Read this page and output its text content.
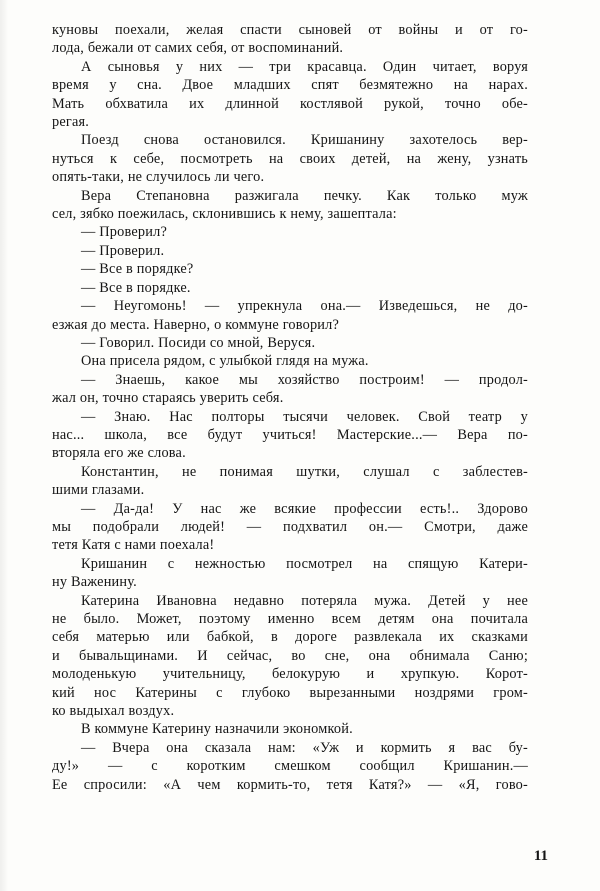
куновы поехали, желая спасти сыновей от войны и от го-
лода, бежали от самих себя, от воспоминаний.
А сыновья у них — три красавца. Один читает, воруя
время у сна. Двое младших спят безмятежно на нарах.
Мать обхватила их длинной костлявой рукой, точно обе-
регая.
Поезд снова остановился. Кришанину захотелось вер-
нуться к себе, посмотреть на своих детей, на жену, узнать
опять-таки, не случилось ли чего.
Вера Степановна разжигала печку. Как только муж
сел, зябко поежилась, склонившись к нему, зашептала:
— Проверил?
— Проверил.
— Все в порядке?
— Все в порядке.
— Неугомонь! — упрекнула она.— Изведешься, не до-
езжая до места. Наверно, о коммуне говорил?
— Говорил. Посиди со мной, Веруся.
Она присела рядом, с улыбкой глядя на мужа.
— Знаешь, какое мы хозяйство построим! — продол-
жал он, точно стараясь уверить себя.
— Знаю. Нас полторы тысячи человек. Свой театр у
нас... школа, все будут учиться! Мастерские...— Вера по-
вторяла его же слова.
Константин, не понимая шутки, слушал с заблестев-
шими глазами.
— Да-да! У нас же всякие профессии есть!.. Здорово
мы подобрали людей! — подхватил он.— Смотри, даже
тетя Катя с нами поехала!
Кришанин с нежностью посмотрел на спящую Катери-
ну Важенину.
Катерина Ивановна недавно потеряла мужа. Детей у нее
не было. Может, поэтому именно всем детям она почитала
себя матерью или бабкой, в дороге развлекала их сказками
и бывальщинами. И сейчас, во сне, она обнимала Саню;
молоденькую учительницу, белокурую и хрупкую. Корот-
кий нос Катерины с глубоко вырезанными ноздрями гром-
ко выдыхал воздух.
В коммуне Катерину назначили экономкой.
— Вчера она сказала нам: «Уж и кормить я вас бу-
ду!» — с коротким смешком сообщил Кришанин.—
Ее спросили: «А чем кормить-то, тетя Катя?» — «Я, гово-
11
